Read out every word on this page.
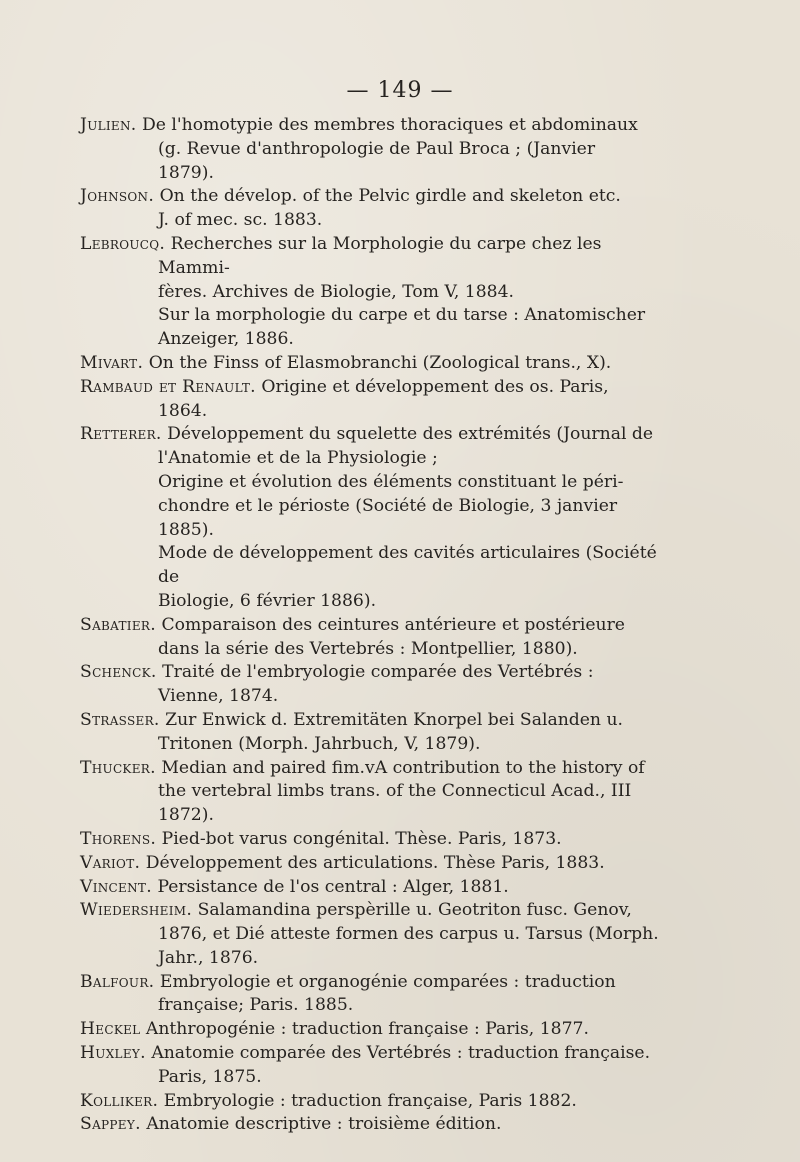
— 149 —

Julien. De l'homotypie des membres thoraciques et abdominaux

(g. Revue d'anthropologie de Paul Broca ; (Janvier

1879).

Johnson. On the dévelop. of the Pelvic girdle and skeleton etc.

J. of mec. sc. 1883.

Lebroucq. Recherches sur la Morphologie du carpe chez les Mammi-

fères. Archives de Biologie, Tom V, 1884.

Sur la morphologie du carpe et du tarse : Anatomischer

Anzeiger, 1886.

Mivart. On the Finss of Elasmobranchi (Zoological trans., X).

Rambaud et Renault. Origine et développement des os. Paris,

1864.

Retterer. Développement du squelette des extrémités (Journal de

l'Anatomie et de la Physiologie ;

Origine et évolution des éléments constituant le péri-

chondre et le périoste (Société de Biologie, 3 janvier 1885).

Mode de développement des cavités articulaires (Société de

Biologie, 6 février 1886).

Sabatier. Comparaison des ceintures antérieure et postérieure

dans la série des Vertebrés : Montpellier, 1880).

Schenck. Traité de l'embryologie comparée des Vertébrés :

Vienne, 1874.

Strasser. Zur Enwick d. Extremitäten Knorpel bei Salanden u.

Tritonen (Morph. Jahrbuch, V, 1879).

Thucker. Median and paired fim.vA contribution to the history of

the vertebral limbs trans. of the Connecticul Acad., III

1872).

Thorens. Pied-bot varus congénital. Thèse. Paris, 1873.

Variot. Développement des articulations. Thèse Paris, 1883.

Vincent. Persistance de l'os central : Alger, 1881.

Wiedersheim. Salamandina perspèrille u. Geotriton fusc. Genov,

1876, et Dié atteste formen des carpus u. Tarsus (Morph.

Jahr., 1876.

Balfour. Embryologie et organogénie comparées : traduction

française; Paris. 1885.

Heckel Anthropogénie : traduction française : Paris, 1877.

Huxley. Anatomie comparée des Vertébrés : traduction française.

Paris, 1875.

Kolliker. Embryologie : traduction française, Paris 1882.

Sappey. Anatomie descriptive : troisième édition.
